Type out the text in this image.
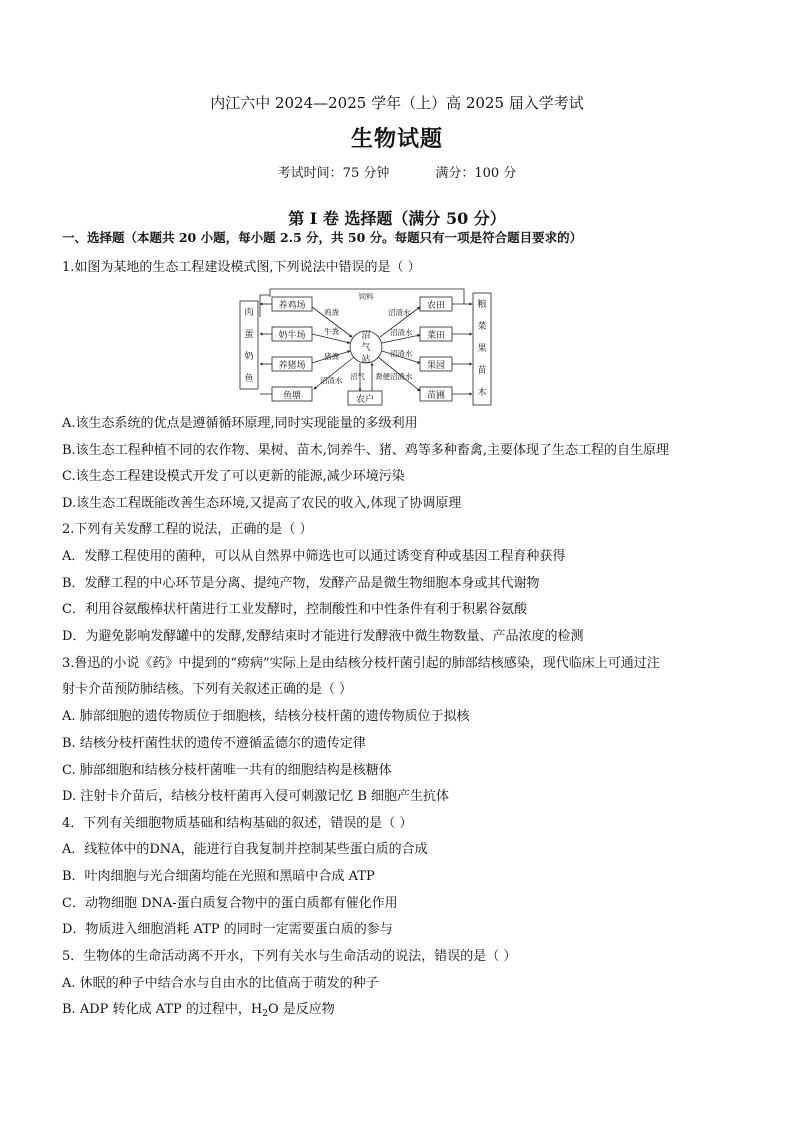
内江六中 2024—2025 学年（上）高 2025 届入学考试
生物试题
考试时间：75 分钟	满分：100 分
第 I 卷 选择题（满分 50 分）
一、选择题（本题共 20 小题，每小题 2.5 分，共 50 分。每题只有一项是符合题目要求的）
1.如图为某地的生态工程建设模式图,下列说法中错误的是（ ）
肉
蛋
奶
鱼
养鸡场
奶牛场
养猪场
沼
气
站
饲料
鸡粪
牛粪
猪粪
沼渣水
鱼塘	农户
沼气 粪便
农田
菜田
果园
苗圃
沼渣水
沼渣水
沼渣水
沼渣水
粮
菜
果
苗
木
A.该生态系统的优点是遵循循环原理,同时实现能量的多级利用
B.该生态工程种植不同的农作物、果树、苗木,饲养牛、猪、鸡等多种畜禽,主要体现了生态工程的自生原理
C.该生态工程建设模式开发了可以更新的能源,减少环境污染
D.该生态工程既能改善生态环境,又提高了农民的收入,体现了协调原理
2.下列有关发酵工程的说法，正确的是（ ）
A．发酵工程使用的菌种，可以从自然界中筛选也可以通过诱变育种或基因工程育种获得
B．发酵工程的中心环节是分离、提纯产物，发酵产品是微生物细胞本身或其代谢物
C．利用谷氨酸棒状杆菌进行工业发酵时，控制酸性和中性条件有利于积累谷氨酸
D．为避免影响发酵罐中的发酵,发酵结束时才能进行发酵液中微生物数量、产品浓度的检测
3.鲁迅的小说《药》中提到的“痨病”实际上是由结核分枝杆菌引起的肺部结核感染，现代临床上可通过注
射卡介苗预防肺结核。下列有关叙述正确的是（ ）
A. 肺部细胞的遗传物质位于细胞核，结核分枝杆菌的遗传物质位于拟核
B. 结核分枝杆菌性状的遗传不遵循孟德尔的遗传定律
C. 肺部细胞和结核分枝杆菌唯一共有的细胞结构是核糖体
D. 注射卡介苗后，结核分枝杆菌再入侵可刺激记忆 B 细胞产生抗体
4．下列有关细胞物质基础和结构基础的叙述，错误的是（ ）
A．线粒体中的DNA，能进行自我复制并控制某些蛋白质的合成
B．叶肉细胞与光合细菌均能在光照和黑暗中合成 ATP
C．动物细胞 DNA-蛋白质复合物中的蛋白质都有催化作用
D．物质进入细胞消耗 ATP 的同时一定需要蛋白质的参与
5．生物体的生命活动离不开水，下列有关水与生命活动的说法，错误的是（ ）
A. 休眠的种子中结合水与自由水的比值高于萌发的种子
B. ADP 转化成 ATP 的过程中，$H_2O$ 是反应物
